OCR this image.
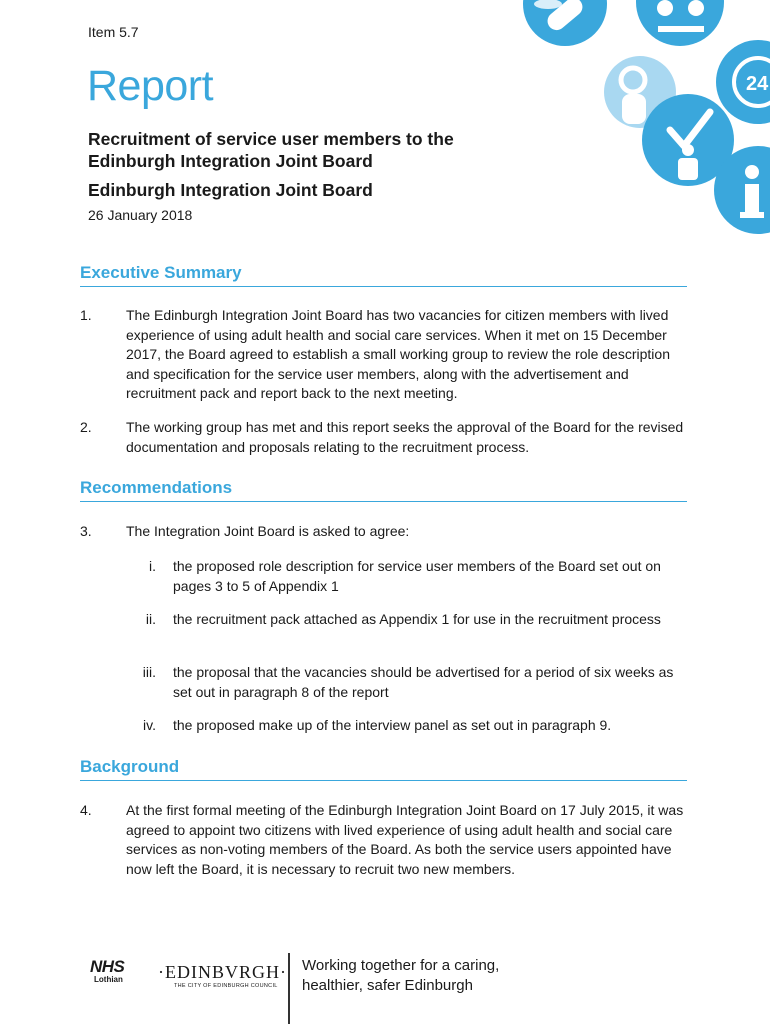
Item 5.7
Report
Recruitment of service user members to the Edinburgh Integration Joint Board
Edinburgh Integration Joint Board
26 January 2018
24
Executive Summary
1. The Edinburgh Integration Joint Board has two vacancies for citizen members with lived experience of using adult health and social care services. When it met on 15 December 2017, the Board agreed to establish a small working group to review the role description and specification for the service user members, along with the advertisement and recruitment pack and report back to the next meeting.
2. The working group has met and this report seeks the approval of the Board for the revised documentation and proposals relating to the recruitment process.
Recommendations
3. The Integration Joint Board is asked to agree:
i. the proposed role description for service user members of the Board set out on pages 3 to 5 of Appendix 1
ii. the recruitment pack attached as Appendix 1 for use in the recruitment process
iii. the proposal that the vacancies should be advertised for a period of six weeks as set out in paragraph 8 of the report
iv. the proposed make up of the interview panel as set out in paragraph 9.
Background
4. At the first formal meeting of the Edinburgh Integration Joint Board on 17 July 2015, it was agreed to appoint two citizens with lived experience of using adult health and social care services as non-voting members of the Board. As both the service users appointed have now left the Board, it is necessary to recruit two new members.
NHS
Lothian ·EDINBVRGH·
THE CITY OF EDINBURGH COUNCIL
Working together for a caring, healthier, safer Edinburgh
